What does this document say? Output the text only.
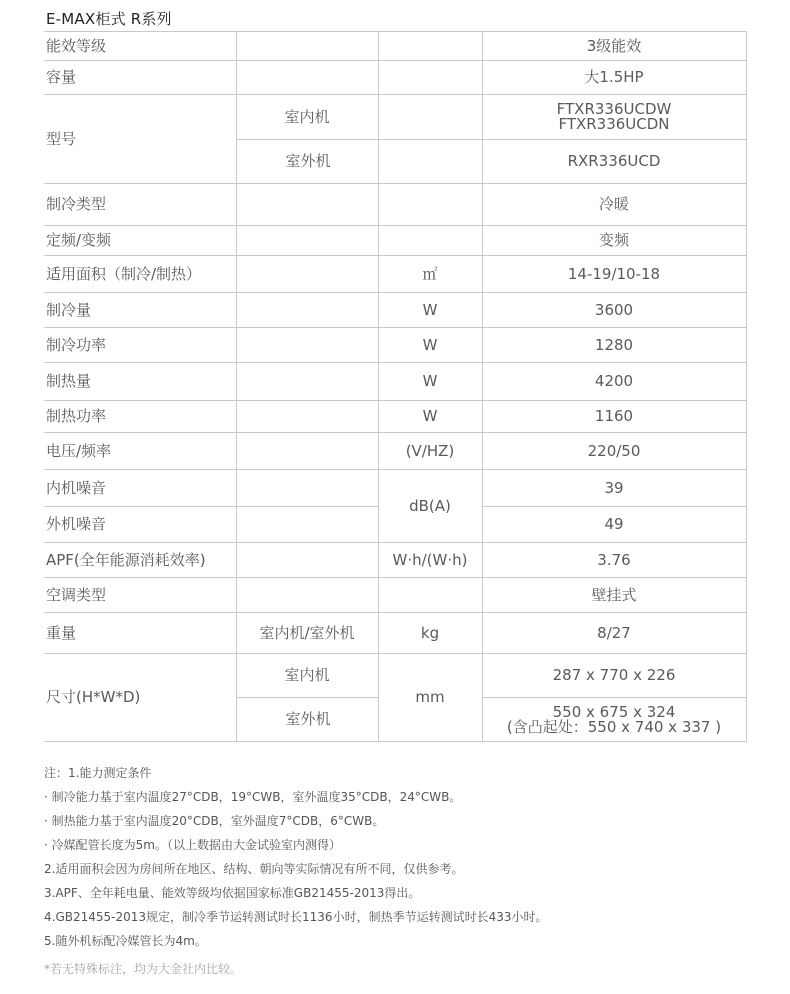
E-MAX柜式 R系列
能效等级			3级能效
容量			大1.5HP
型号	室内机		FTXR336UCDW
FTXR336UCDN

	室外机		RXR336UCD
制冷类型			冷暖
定频/变频			变频
适用面积（制冷/制热）		㎡	14-19/10-18
制冷量		W	3600
制冷功率		W	1280
制热量		W	4200
制热功率		W	1160
电压/频率		(V/HZ)	220/50
内机噪音		dB(A)	39
外机噪音			49
APF(全年能源消耗效率)		W·h/(W·h)	3.76
空调类型			壁挂式
重量	室内机/室外机	kg	8/27
尺寸(H*W*D)	室内机	mm	287 x 770 x 226
	室外机		550 x 675 x 324
(含凸起处：550 x 740 x 337 )
注：1.能力测定条件
· 制冷能力基于室内温度27°CDB，19°CWB，室外温度35°CDB，24°CWB。
· 制热能力基于室内温度20°CDB，室外温度7°CDB，6°CWB。
· 冷媒配管长度为5m。（以上数据由大金试验室内测得）
2.适用面积会因为房间所在地区、结构、朝向等实际情况有所不同，仅供参考。
3.APF、全年耗电量、能效等级均依据国家标准GB21455-2013得出。
4.GB21455-2013规定，制冷季节运转测试时长1136小时，制热季节运转测试时长433小时。
5.随外机标配冷媒管长为4m。
*若无特殊标注，均为大金社内比较。
